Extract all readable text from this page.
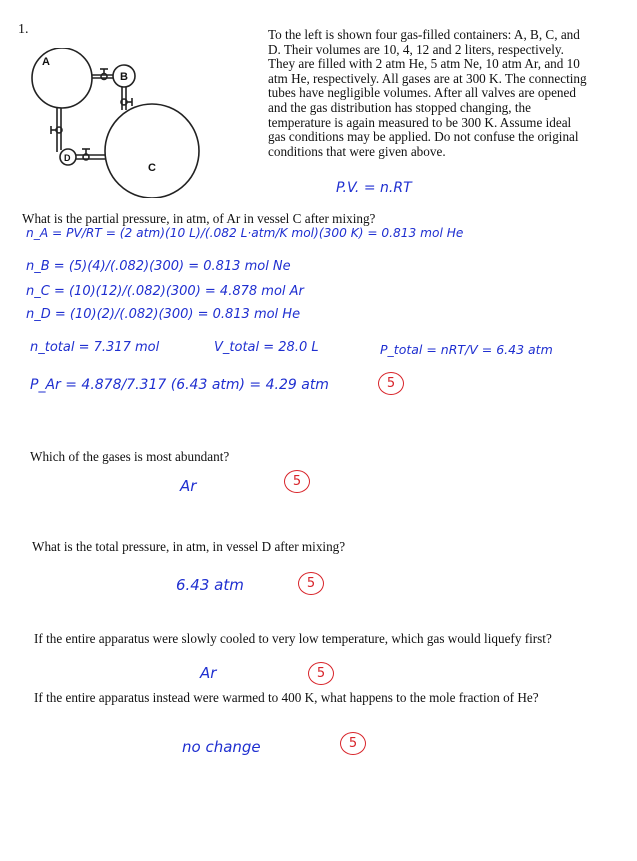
1.
A
B
C
D
To the left is shown four gas-filled containers: A, B, C, and D. Their volumes are 10, 4, 12 and 2 liters, respectively. They are filled with 2 atm He, 5 atm Ne, 10 atm Ar, and 10 atm He, respectively. All gases are at 300 K. The connecting tubes have negligible volumes. After all valves are opened and the gas distribution has stopped changing, the temperature is again measured to be 300 K. Assume ideal gas conditions may be applied. Do not confuse the original conditions that were given above.
P.V. = n.RT
What is the partial pressure, in atm, of Ar in vessel C after mixing?
n_A = PV/RT = (2 atm)(10 L)/(.082 L·atm/K mol)(300 K) = 0.813 mol He
n_B = (5)(4)/(.082)(300) = 0.813 mol Ne
n_C = (10)(12)/(.082)(300) = 4.878 mol Ar
n_D = (10)(2)/(.082)(300) = 0.813 mol He
n_total = 7.317 mol	V_total = 28.0 L	P_total = nRT/V = 6.43 atm
P_Ar = 4.878/7.317 (6.43 atm) = 4.29 atm	5
Which of the gases is most abundant?
Ar	5
What is the total pressure, in atm, in vessel D after mixing?
6.43 atm	5
If the entire apparatus were slowly cooled to very low temperature, which gas would liquefy first?
Ar	5
If the entire apparatus instead were warmed to 400 K, what happens to the mole fraction of He?
no change	5
